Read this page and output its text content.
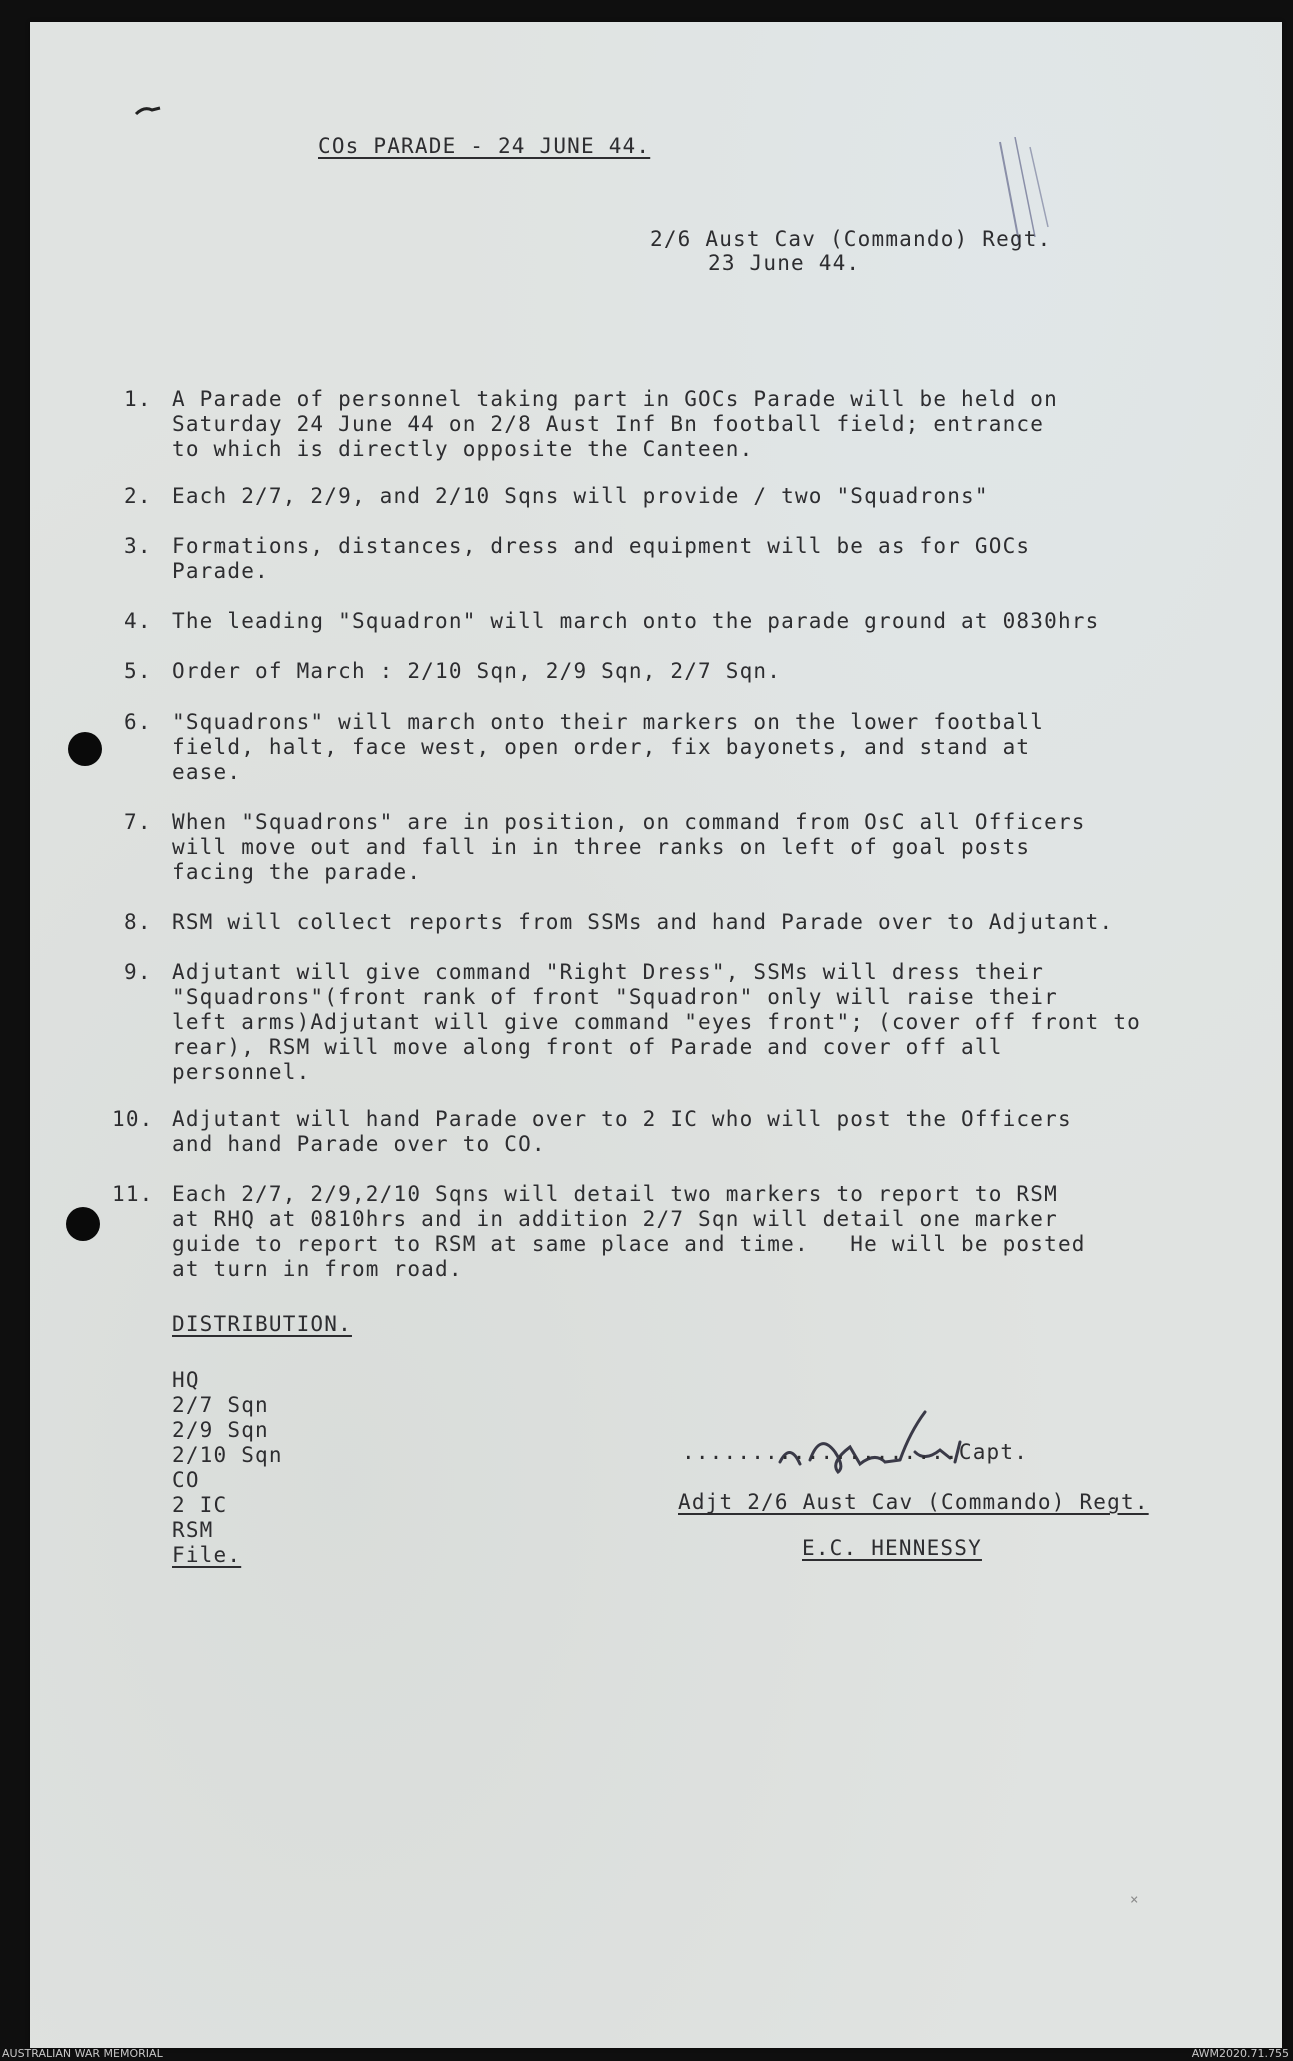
COs PARADE - 24 JUNE 44.
2/6 Aust Cav (Commando) Regt.
23 June 44.
1. A Parade of personnel taking part in GOCs Parade will be held on
Saturday 24 June 44 on 2/8 Aust Inf Bn football field; entrance
to which is directly opposite the Canteen.
2. Each 2/7, 2/9, and 2/10 Sqns will provide / two "Squadrons"
3. Formations, distances, dress and equipment will be as for GOCs
Parade.
4. The leading "Squadron" will march onto the parade ground at 0830hrs
5. Order of March : 2/10 Sqn, 2/9 Sqn, 2/7 Sqn.
6. "Squadrons" will march onto their markers on the lower football
field, halt, face west, open order, fix bayonets, and stand at
ease.
7. When "Squadrons" are in position, on command from OsC all Officers
will move out and fall in in three ranks on left of goal posts
facing the parade.
8. RSM will collect reports from SSMs and hand Parade over to Adjutant.
9. Adjutant will give command "Right Dress", SSMs will dress their
"Squadrons"(front rank of front "Squadron" only will raise their
left arms)Adjutant will give command "eyes front"; (cover off front to
rear), RSM will move along front of Parade and cover off all
personnel.
10. Adjutant will hand Parade over to 2 IC who will post the Officers
and hand Parade over to CO.
11. Each 2/7, 2/9,2/10 Sqns will detail two markers to report to RSM
at RHQ at 0810hrs and in addition 2/7 Sqn will detail one marker
guide to report to RSM at same place and time.   He will be posted
at turn in from road.
DISTRIBUTION.
HQ
2/7 Sqn
2/9 Sqn
2/10 Sqn
CO
2 IC
RSM
File.
....................Capt.
Adjt 2/6 Aust Cav (Commando) Regt.
E.C. HENNESSY
×
AUSTRALIAN WAR MEMORIAL	AWM2020.71.755
